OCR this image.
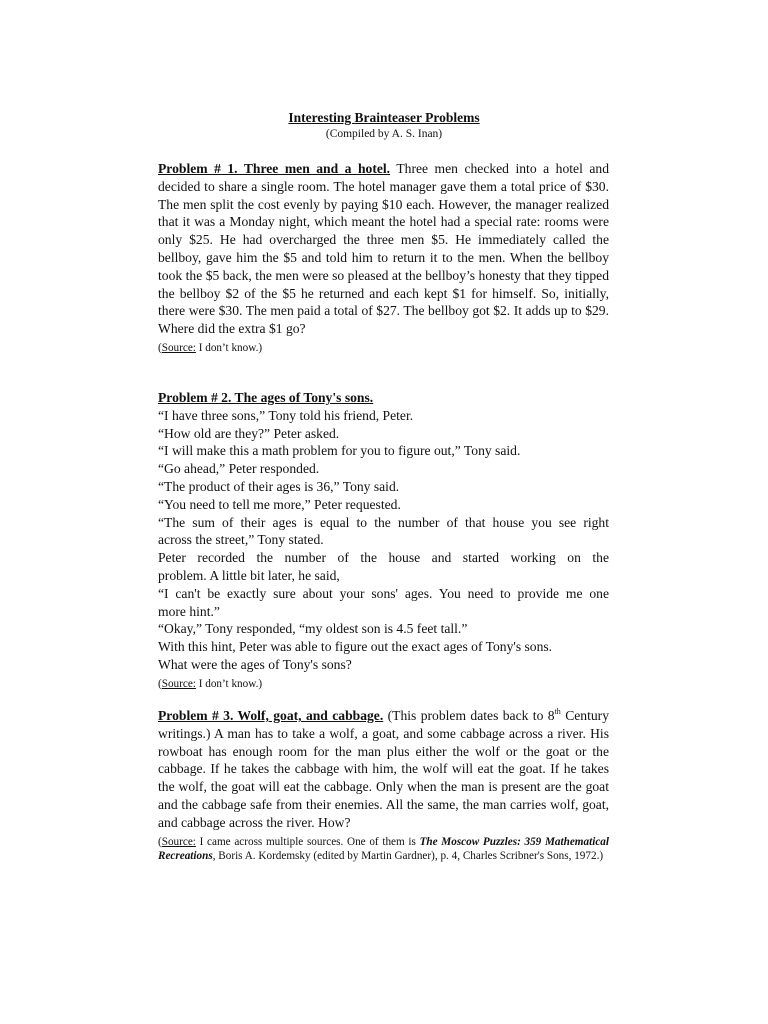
Interesting Brainteaser Problems
(Compiled by A. S. Inan)
Problem # 1. Three men and a hotel. Three men checked into a hotel and decided to share a single room. The hotel manager gave them a total price of $30. The men split the cost evenly by paying $10 each. However, the manager realized that it was a Monday night, which meant the hotel had a special rate: rooms were only $25. He had overcharged the three men $5. He immediately called the bellboy, gave him the $5 and told him to return it to the men. When the bellboy took the $5 back, the men were so pleased at the bellboy’s honesty that they tipped the bellboy $2 of the $5 he returned and each kept $1 for himself. So, initially, there were $30. The men paid a total of $27. The bellboy got $2. It adds up to $29. Where did the extra $1 go?
(Source: I don’t know.)
Problem # 2. The ages of Tony's sons.
“I have three sons,” Tony told his friend, Peter.
“How old are they?” Peter asked.
“I will make this a math problem for you to figure out,” Tony said.
“Go ahead,” Peter responded.
“The product of their ages is 36,” Tony said.
“You need to tell me more,” Peter requested.
“The sum of their ages is equal to the number of that house you see right
across the street,” Tony stated.
Peter recorded the number of the house and started working on the
problem. A little bit later, he said,
“I can't be exactly sure about your sons' ages. You need to provide me one
more hint.”
“Okay,” Tony responded, “my oldest son is 4.5 feet tall.”
With this hint, Peter was able to figure out the exact ages of Tony's sons.
What were the ages of Tony's sons?
(Source: I don’t know.)
Problem # 3. Wolf, goat, and cabbage. (This problem dates back to 8th Century writings.) A man has to take a wolf, a goat, and some cabbage across a river. His rowboat has enough room for the man plus either the wolf or the goat or the cabbage. If he takes the cabbage with him, the wolf will eat the goat. If he takes the wolf, the goat will eat the cabbage. Only when the man is present are the goat and the cabbage safe from their enemies. All the same, the man carries wolf, goat, and cabbage across the river. How?
(Source: I came across multiple sources. One of them is The Moscow Puzzles: 359 Mathematical Recreations, Boris A. Kordemsky (edited by Martin Gardner), p. 4, Charles Scribner's Sons, 1972.)
